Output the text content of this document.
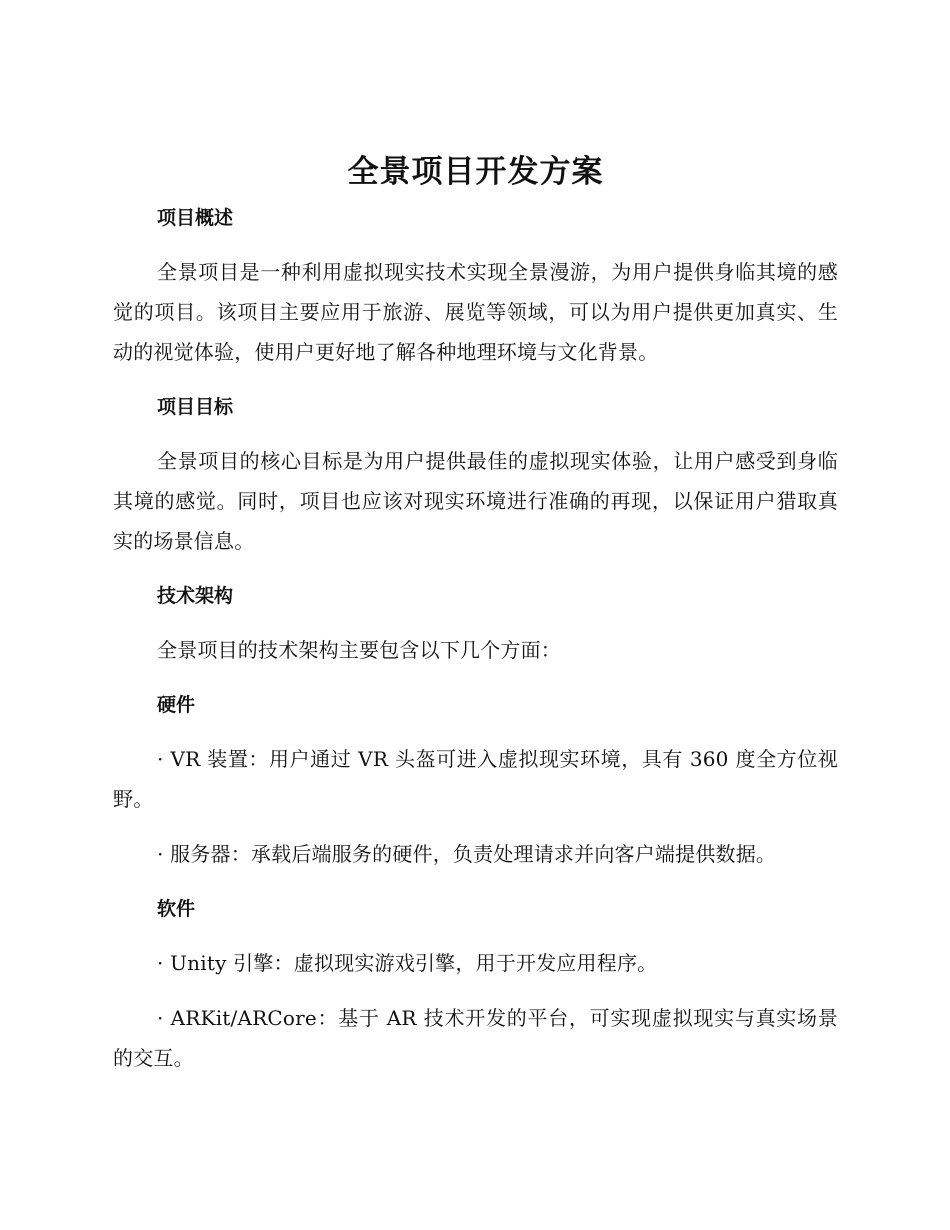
全景项目开发方案
项目概述

全景项目是一种利用虚拟现实技术实现全景漫游，为用户提供身临其境的感觉的项目。该项目主要应用于旅游、展览等领域，可以为用户提供更加真实、生动的视觉体验，使用户更好地了解各种地理环境与文化背景。

项目目标

全景项目的核心目标是为用户提供最佳的虚拟现实体验，让用户感受到身临其境的感觉。同时，项目也应该对现实环境进行准确的再现，以保证用户猎取真实的场景信息。

技术架构

全景项目的技术架构主要包含以下几个方面：

硬件

· VR 装置：用户通过 VR 头盔可进入虚拟现实环境，具有 360 度全方位视野。

· 服务器：承载后端服务的硬件，负责处理请求并向客户端提供数据。

软件

· Unity 引擎：虚拟现实游戏引擎，用于开发应用程序。

· ARKit/ARCore：基于 AR 技术开发的平台，可实现虚拟现实与真实场景的交互。
